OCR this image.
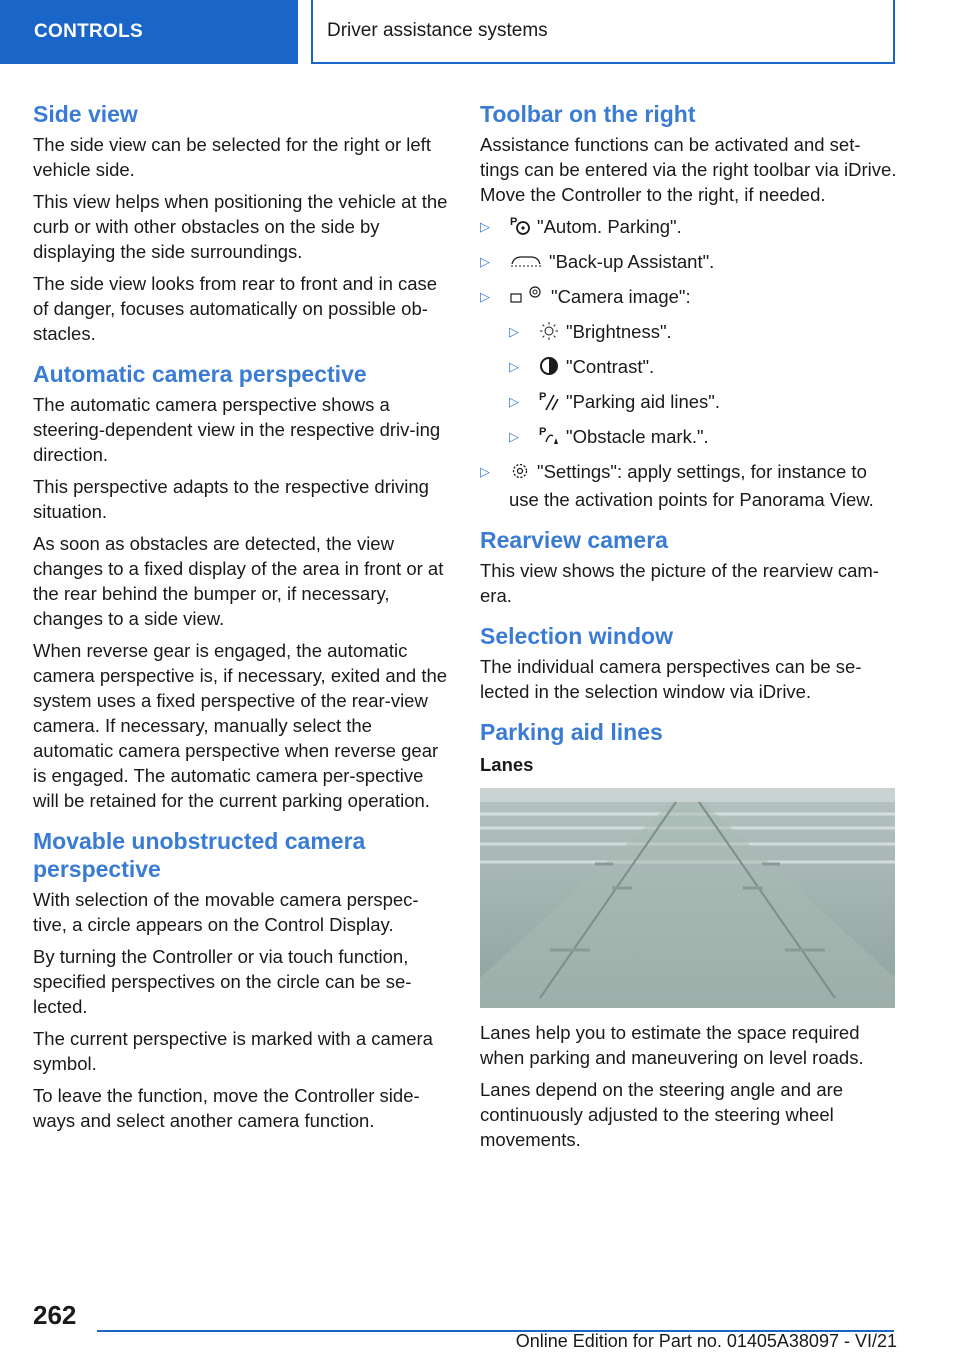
CONTROLS	Driver assistance systems
Side view

The side view can be selected for the right or left vehicle side.

This view helps when positioning the vehicle at the curb or with other obstacles on the side by displaying the side surroundings.

The side view looks from rear to front and in case of danger, focuses automatically on possible ob-stacles.

Automatic camera perspective

The automatic camera perspective shows a steering-dependent view in the respective driv-ing direction.

This perspective adapts to the respective driving situation.

As soon as obstacles are detected, the view changes to a fixed display of the area in front or at the rear behind the bumper or, if necessary, changes to a side view.

When reverse gear is engaged, the automatic camera perspective is, if necessary, exited and the system uses a fixed perspective of the rear-view camera. If necessary, manually select the automatic camera perspective when reverse gear is engaged. The automatic camera per-spective will be retained for the current parking operation.

Movable unobstructed camera perspective

With selection of the movable camera perspec-tive, a circle appears on the Control Display.

By turning the Controller or via touch function, specified perspectives on the circle can be se-lected.

The current perspective is marked with a camera symbol.

To leave the function, move the Controller side-ways and select another camera function.

Toolbar on the right

Assistance functions can be activated and set-tings can be entered via the right toolbar via iDrive. Move the Controller to the right, if needed.

▷ P "Autom. Parking".
▷	"Back-up Assistant".
▷	"Camera image":
▷	"Brightness".
▷	"Contrast".
▷ P "Parking aid lines".
▷ P "Obstacle mark.".
▷	"Settings": apply settings, for instance to use the activation points for Panorama View.
Rearview camera

This view shows the picture of the rearview cam-era.

Selection window

The individual camera perspectives can be se-lected in the selection window via iDrive.

Parking aid lines
Lanes

Lanes help you to estimate the space required when parking and maneuvering on level roads.

Lanes depend on the steering angle and are continuously adjusted to the steering wheel movements.

262
Online Edition for Part no. 01405A38097 - VI/21
